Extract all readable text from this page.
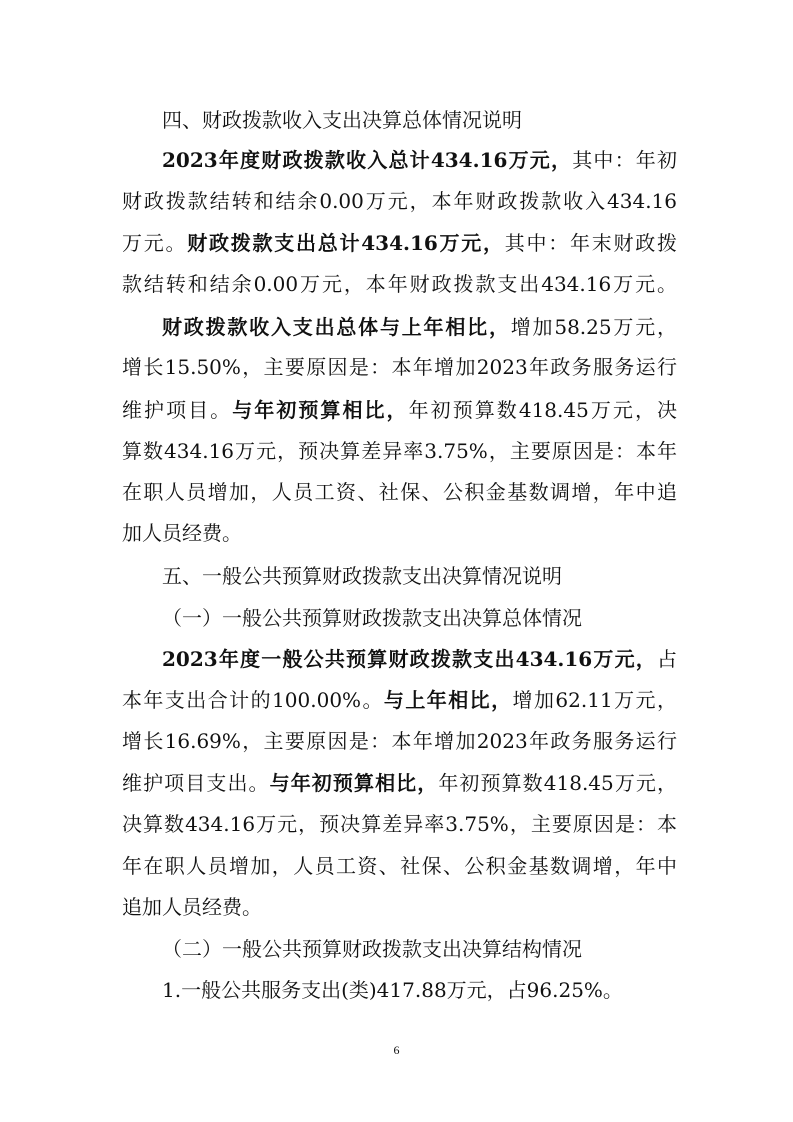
四、财政拨款收入支出决算总体情况说明
2023年度财政拨款收入总计434.16万元，其中：年初
财政拨款结转和结余0.00万元，本年财政拨款收入434.16
万元。财政拨款支出总计434.16万元，其中：年末财政拨
款结转和结余0.00万元，本年财政拨款支出434.16万元。
财政拨款收入支出总体与上年相比，增加58.25万元，
增长15.50%，主要原因是：本年增加2023年政务服务运行
维护项目。与年初预算相比，年初预算数418.45万元，决
算数434.16万元，预决算差异率3.75%，主要原因是：本年
在职人员增加，人员工资、社保、公积金基数调增，年中追
加人员经费。
五、一般公共预算财政拨款支出决算情况说明
（一）一般公共预算财政拨款支出决算总体情况
2023年度一般公共预算财政拨款支出434.16万元，占
本年支出合计的100.00%。与上年相比，增加62.11万元，
增长16.69%，主要原因是：本年增加2023年政务服务运行
维护项目支出。与年初预算相比，年初预算数418.45万元，
决算数434.16万元，预决算差异率3.75%，主要原因是：本
年在职人员增加，人员工资、社保、公积金基数调增，年中
追加人员经费。
（二）一般公共预算财政拨款支出决算结构情况
1.一般公共服务支出(类)417.88万元，占96.25%。
6
